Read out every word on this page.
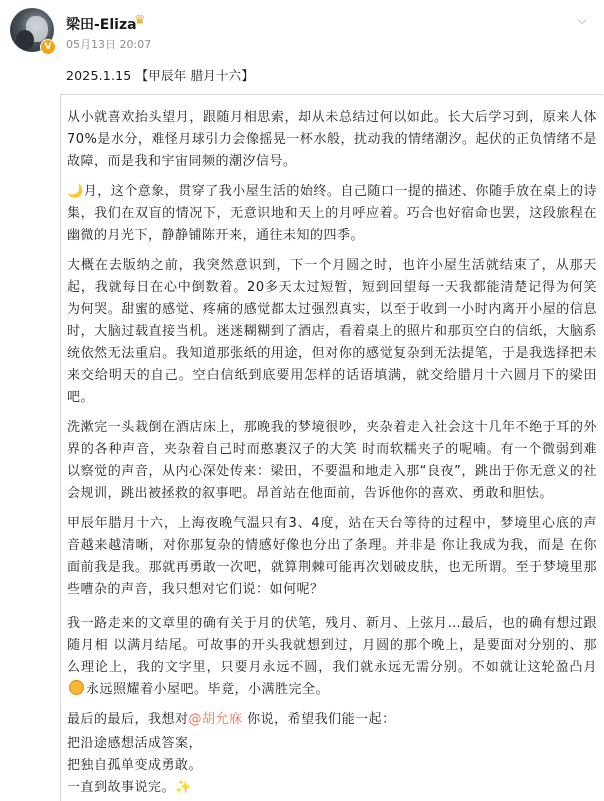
V
梁田-Eliza
♛
05月13日 20:07
⌵
2025.1.15 【甲辰年 腊月十六】

从小就喜欢抬头望月，跟随月相思索，却从未总结过何以如此。长大后学习到，原来人体70%是水分，难怪月球引力会像摇晃一杯水般，扰动我的情绪潮汐。起伏的正负情绪不是故障，而是我和宇宙同频的潮汐信号。

🌙月，这个意象，贯穿了我小屋生活的始终。自己随口一提的描述、你随手放在桌上的诗集，我们在双盲的情况下，无意识地和天上的月呼应着。巧合也好宿命也罢，这段旅程在幽微的月光下，静静铺陈开来，通往未知的四季。

大概在去版纳之前，我突然意识到，下一个月圆之时，也许小屋生活就结束了，从那天起，我就每日在心中倒数着。20多天太过短暂，短到回望每一天我都能清楚记得为何笑为何哭。甜蜜的感觉、疼痛的感觉都太过强烈真实，以至于收到一小时内离开小屋的信息时，大脑过载直接当机。迷迷糊糊到了酒店，看着桌上的照片和那页空白的信纸，大脑系统依然无法重启。我知道那张纸的用途，但对你的感觉复杂到无法提笔，于是我选择把未来交给明天的自己。空白信纸到底要用怎样的话语填满，就交给腊月十六圆月下的梁田吧。

洗漱完一头栽倒在酒店床上，那晚我的梦境很吵，夹杂着走入社会这十几年不绝于耳的外界的各种声音，夹杂着自己时而憨裹汉子的大笑 时而软糯夹子的呢喃。有一个微弱到难以察觉的声音，从内心深处传来：梁田，不要温和地走入那“良夜”，跳出于你无意义的社会规训，跳出被拯救的叙事吧。昂首站在他面前，告诉他你的喜欢、勇敢和胆怯。

甲辰年腊月十六，上海夜晚气温只有3、4度，站在天台等待的过程中，梦境里心底的声音越来越清晰，对你那复杂的情感好像也分出了条理。并非是 你让我成为我，而是 在你面前我是我。那就再勇敢一次吧，就算荆棘可能再次划破皮肤，也无所谓。至于梦境里那些嘈杂的声音，我只想对它们说：如何呢？

我一路走来的文章里的确有关于月的伏笔，残月、新月、上弦月…最后，也的确有想过跟随月相 以满月结尾。可故事的开头我就想到过，月圆的那个晚上，是要面对分别的、那么理论上，我的文字里，只要月永远不圆，我们就永远无需分别。不如就让这轮盈凸月永远照耀着小屋吧。毕竟，小满胜完全。

最后的最后，我想对@胡允庥 你说，希望我们能一起：

把沿途感想活成答案，
把独自孤单变成勇敢。
一直到故事说完。✨
